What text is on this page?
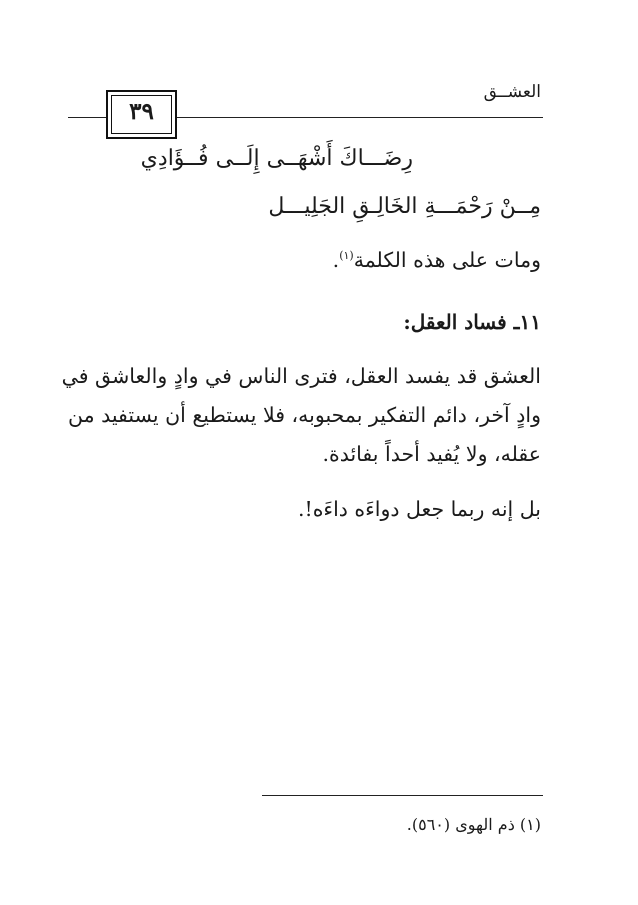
٣٩
العشــق
رِضَـــاكَ أَشْهَــى إِلَــى فُــؤَادِي
مِــنْ رَحْمَـــةِ الخَالِـقِ الجَلِيـــل
ومات على هذه الكلمة$^{(١)}$.
١١ـ فساد العقل:
العشق قد يفسد العقل، فترى الناس في وادٍ والعاشق في
وادٍ آخر، دائم التفكير بمحبوبه، فلا يستطيع أن يستفيد من
عقله، ولا يُفيد أحداً بفائدة.
بل إنه ربما جعل دواءَه داءَه!.
(١) ذم الهوى (٥٦٠).
